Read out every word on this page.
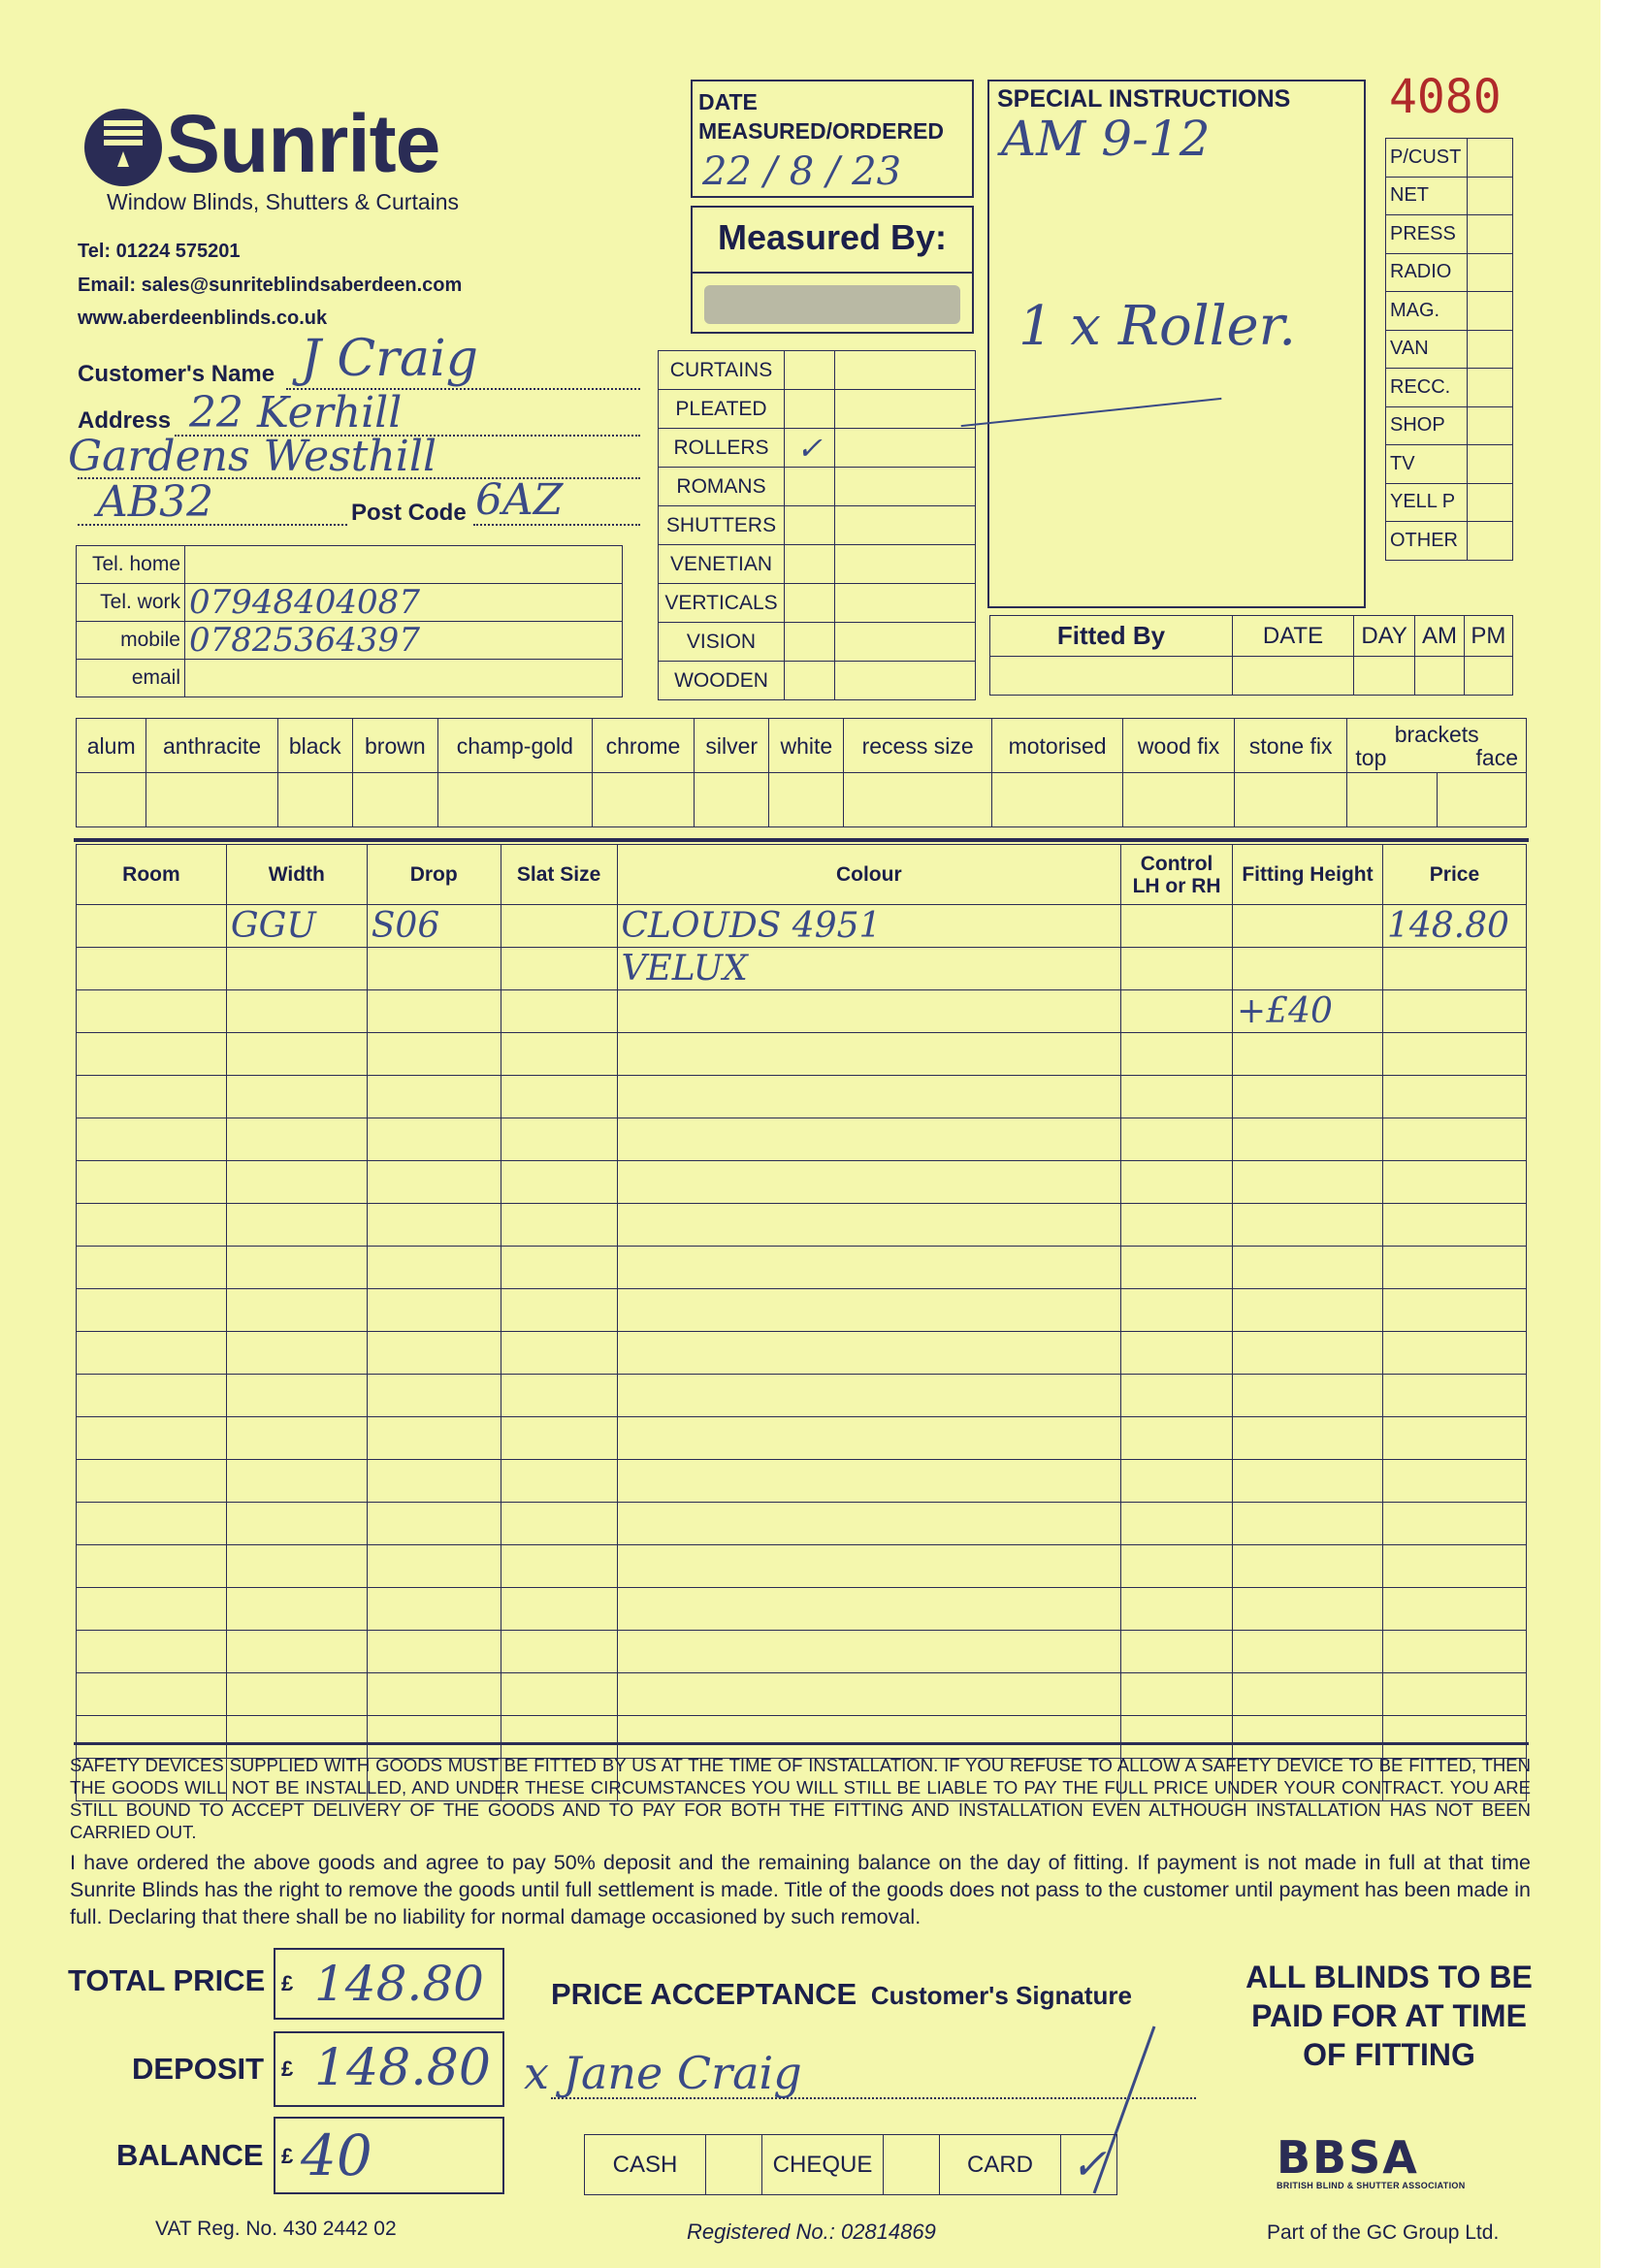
Sunrite
Window Blinds, Shutters & Curtains
Tel: 01224 575201
Email: sales@sunriteblindsaberdeen.com
www.aberdeenblinds.co.uk
Customer's Name J Craig
Address 22 Kerhill
Gardens Westhill
AB32	Post Code 6AZ
Tel. home	
Tel. work	07948404087
mobile	07825364397
email	
DATE MEASURED/ORDERED
22 / 8 / 23
Measured By:
CURTAINS		
PLEATED		
ROLLERS	✓	
ROMANS		
SHUTTERS		
VENETIAN		
VERTICALS		
VISION		
WOODEN		
SPECIAL INSTRUCTIONS
AM 9-12
1 x Roller.
4080
P/CUST	
NET	
PRESS	
RADIO	
MAG.	
VAN	
RECC.	
SHOP	
TV	
YELL P	
OTHER	
Fitted By	DATE	DAY	AM	PM

alum	anthracite	black	brown	champ-gold	chrome	silver	white	recess size	motorised	wood fix	stone fix	brackets
top face	

Room	Width	Drop	Slat Size	Colour	Control LH or RH	Fitting Height	Price
	GGU	S06		CLOUDS 4951			148.80
				VELUX			
						+£40	

SAFETY DEVICES SUPPLIED WITH GOODS MUST BE FITTED BY US AT THE TIME OF INSTALLATION. IF YOU REFUSE TO ALLOW A SAFETY DEVICE TO BE FITTED, THEN THE GOODS WILL NOT BE INSTALLED, AND UNDER THESE CIRCUMSTANCES YOU WILL STILL BE LIABLE TO PAY THE FULL PRICE UNDER YOUR CONTRACT. YOU ARE STILL BOUND TO ACCEPT DELIVERY OF THE GOODS AND TO PAY FOR BOTH THE FITTING AND INSTALLATION EVEN ALTHOUGH INSTALLATION HAS NOT BEEN CARRIED OUT.
I have ordered the above goods and agree to pay 50% deposit and the remaining balance on the day of fitting. If payment is not made in full at that time Sunrite Blinds has the right to remove the goods until full settlement is made. Title of the goods does not pass to the customer until payment has been made in full. Declaring that there shall be no liability for normal damage occasioned by such removal.
TOTAL PRICE £ 148.80
DEPOSIT £ 148.80
BALANCE £ 40
PRICE ACCEPTANCE Customer's Signature
x Jane Craig
CASH		CHEQUE		CARD	✓
ALL BLINDS TO BE PAID FOR AT TIME OF FITTING
BBSA
BRITISH BLIND & SHUTTER ASSOCIATION
VAT Reg. No. 430 2442 02	Registered No.: 02814869	Part of the GC Group Ltd.
